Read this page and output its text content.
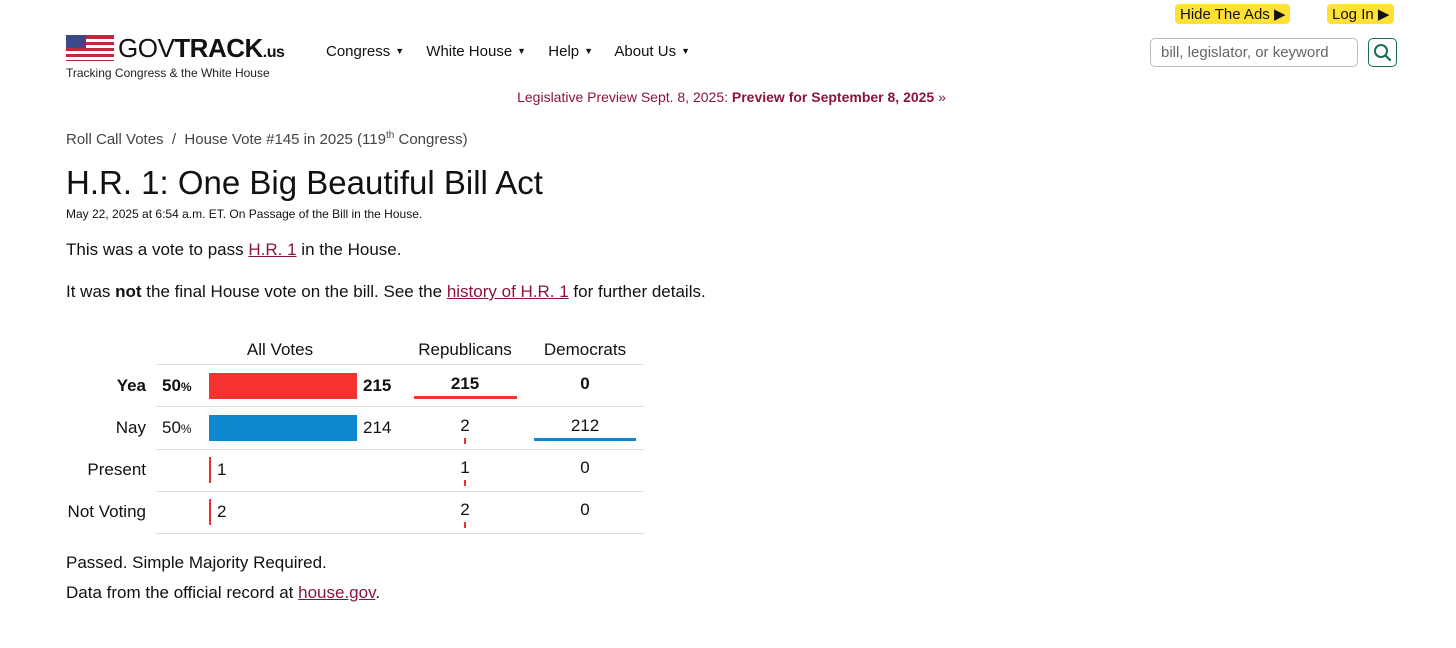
Hide The Ads ▶	Log In ▶
GOVTRACK.us
Tracking Congress & the White House
Congress ▼ White House ▼ Help ▼ About Us ▼	bill, legislator, or keyword
Legislative Preview Sept. 8, 2025: Preview for September 8, 2025 »
Roll Call Votes / House Vote #145 in 2025 (119th Congress)
H.R. 1: One Big Beautiful Bill Act
May 22, 2025 at 6:54 a.m. ET. On Passage of the Bill in the House.
This was a vote to pass H.R. 1 in the House.
It was not the final House vote on the bill. See the history of H.R. 1 for further details.
All Votes	Republicans	Democrats
Yea 50%	215	215	0
Nay 50%	214	2	212
Present	1	1	0
Not Voting	2	2	0
Passed. Simple Majority Required.
Data from the official record at house.gov.
